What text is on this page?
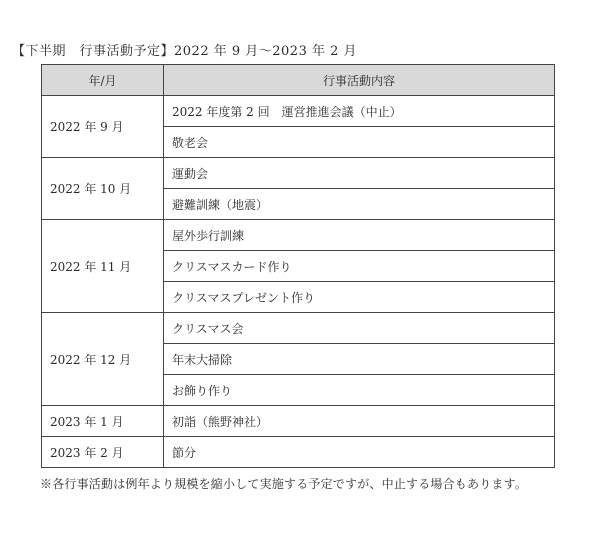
【下半期　行事活動予定】2022 年 9 月～2023 年 2 月
年/月	行事活動内容
2022 年 9 月	2022 年度第 2 回　運営推進会議（中止）
	敬老会
2022 年 10 月	運動会
	避難訓練（地震）
2022 年 11 月	屋外歩行訓練
	クリスマスカード作り
	クリスマスプレゼント作り
2022 年 12 月	クリスマス会
	年末大掃除
	お飾り作り
2023 年 1 月	初詣（熊野神社）
2023 年 2 月	節分
※各行事活動は例年より規模を縮小して実施する予定ですが、中止する場合もあります。
